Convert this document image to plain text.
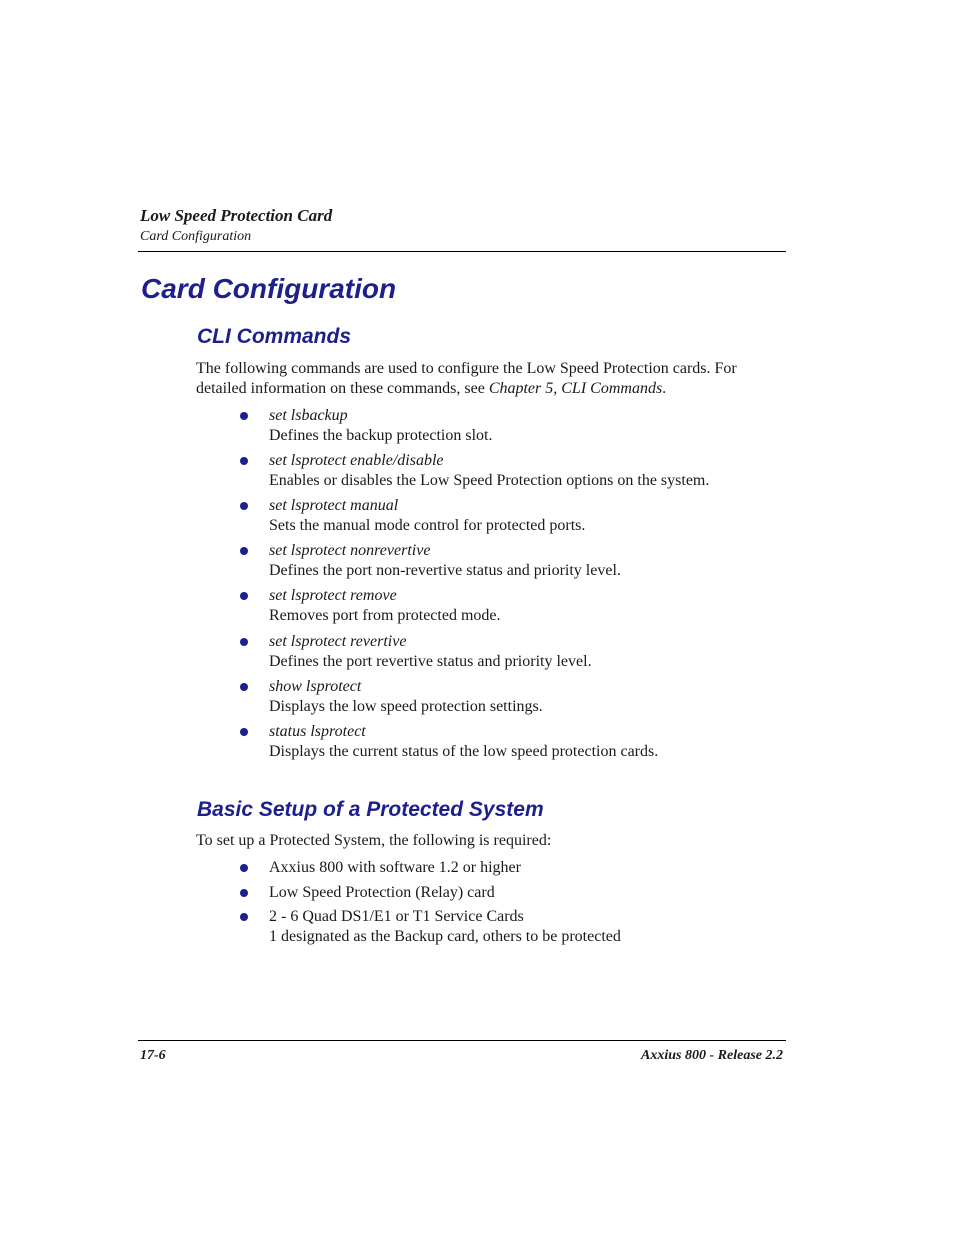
Low Speed Protection Card
Card Configuration
Card Configuration
CLI Commands

The following commands are used to configure the Low Speed Protection cards. For detailed information on these commands, see Chapter 5, CLI Commands.

set lsbackup
Defines the backup protection slot.
set lsprotect enable/disable
Enables or disables the Low Speed Protection options on the system.
set lsprotect manual
Sets the manual mode control for protected ports.
set lsprotect nonrevertive
Defines the port non-revertive status and priority level.
set lsprotect remove
Removes port from protected mode.
set lsprotect revertive
Defines the port revertive status and priority level.
show lsprotect
Displays the low speed protection settings.
status lsprotect
Displays the current status of the low speed protection cards.
Basic Setup of a Protected System

To set up a Protected System, the following is required:

Axxius 800 with software 1.2 or higher
Low Speed Protection (Relay) card
2 - 6 Quad DS1/E1 or T1 Service Cards
1 designated as the Backup card, others to be protected
17-6	Axxius 800 - Release 2.2
